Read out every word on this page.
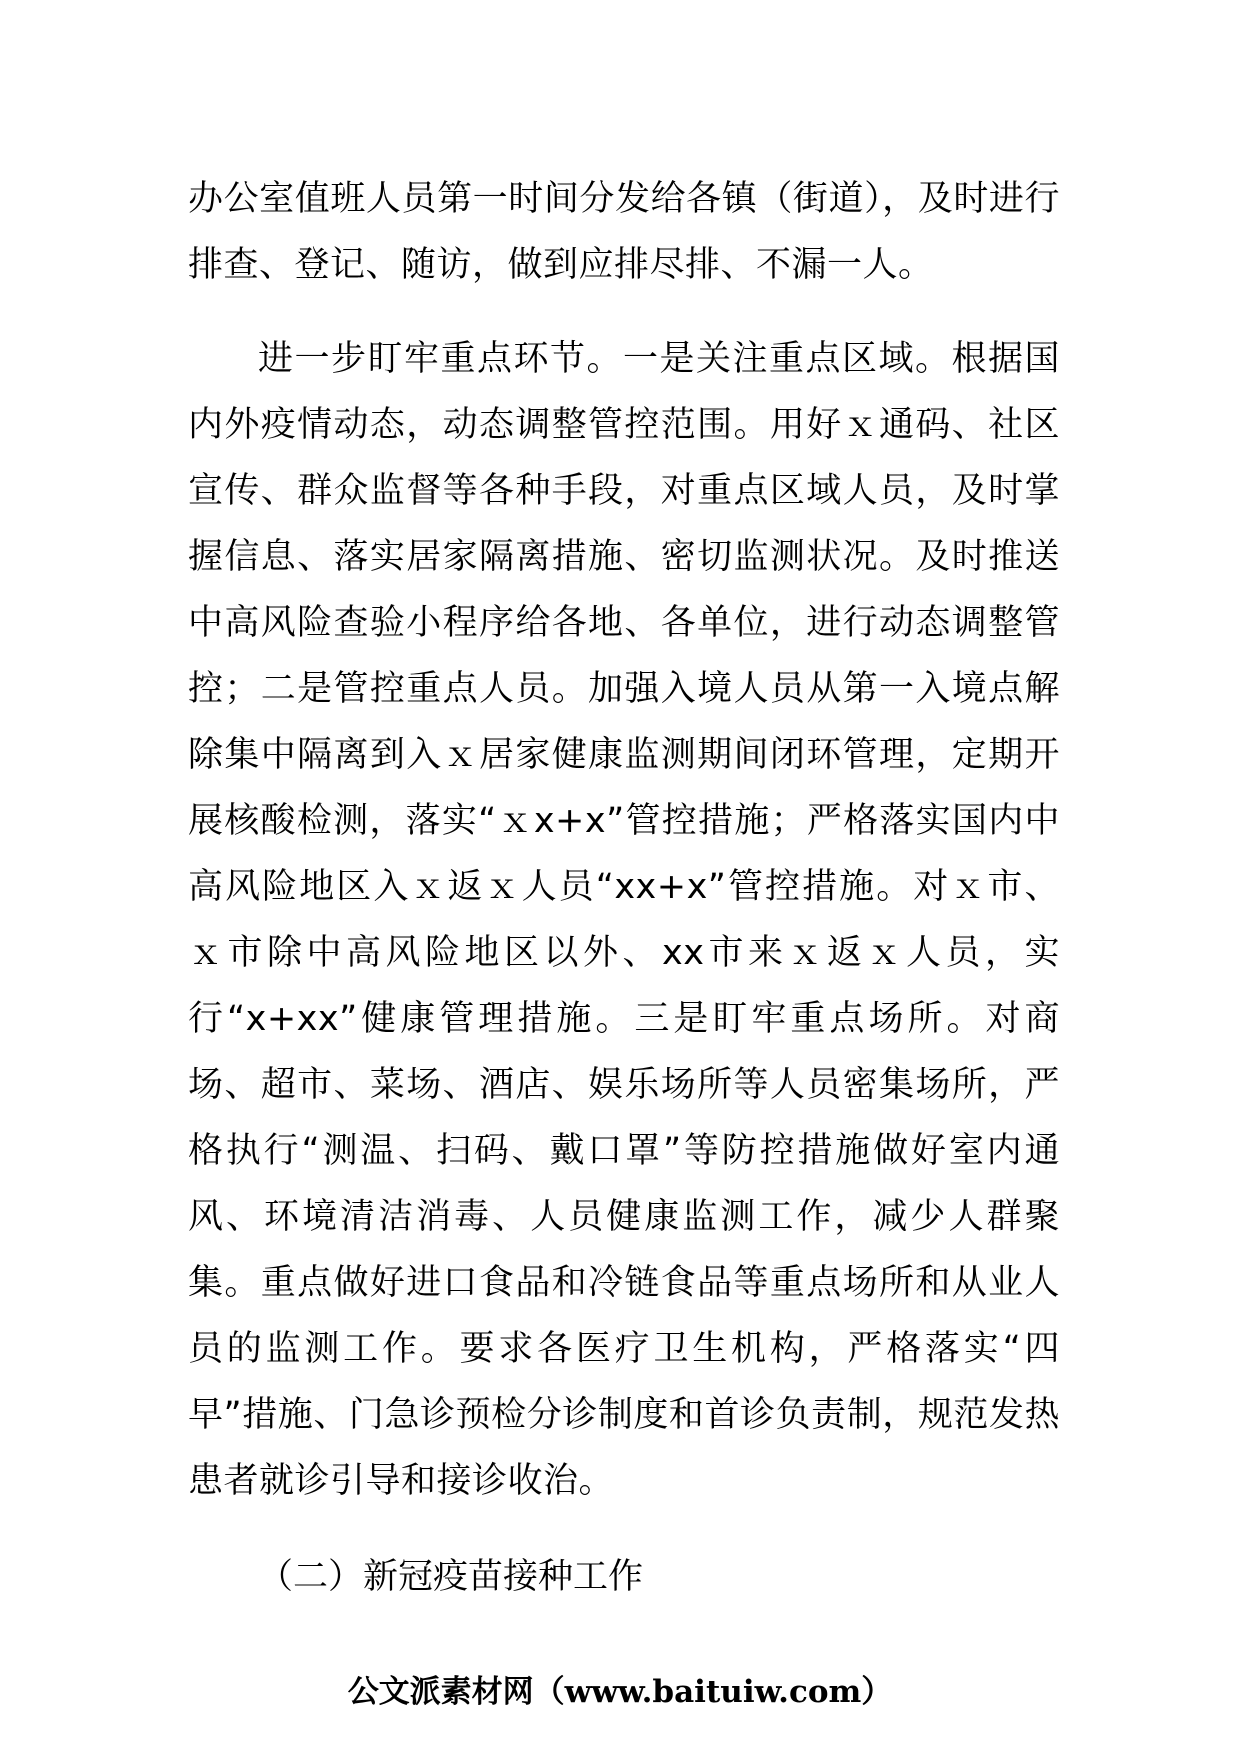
办公室值班人员第一时间分发给各镇（街道），及时进行排查、登记、随访，做到应排尽排、不漏一人。

进一步盯牢重点环节。一是关注重点区域。根据国内外疫情动态，动态调整管控范围。用好ｘ通码、社区宣传、群众监督等各种手段，对重点区域人员，及时掌握信息、落实居家隔离措施、密切监测状况。及时推送中高风险查验小程序给各地、各单位，进行动态调整管控；二是管控重点人员。加强入境人员从第一入境点解除集中隔离到入ｘ居家健康监测期间闭环管理，定期开展核酸检测，落实“ｘx+x”管控措施；严格落实国内中高风险地区入ｘ返ｘ人员“xx+x”管控措施。对ｘ市、ｘ市除中高风险地区以外、xx市来ｘ返ｘ人员，实行“x+xx”健康管理措施。三是盯牢重点场所。对商场、超市、菜场、酒店、娱乐场所等人员密集场所，严格执行“测温、扫码、戴口罩”等防控措施做好室内通风、环境清洁消毒、人员健康监测工作，减少人群聚集。重点做好进口食品和冷链食品等重点场所和从业人员的监测工作。要求各医疗卫生机构，严格落实“四早”措施、门急诊预检分诊制度和首诊负责制，规范发热患者就诊引导和接诊收治。

（二）新冠疫苗接种工作

公文派素材网（www.baituiw.com）
